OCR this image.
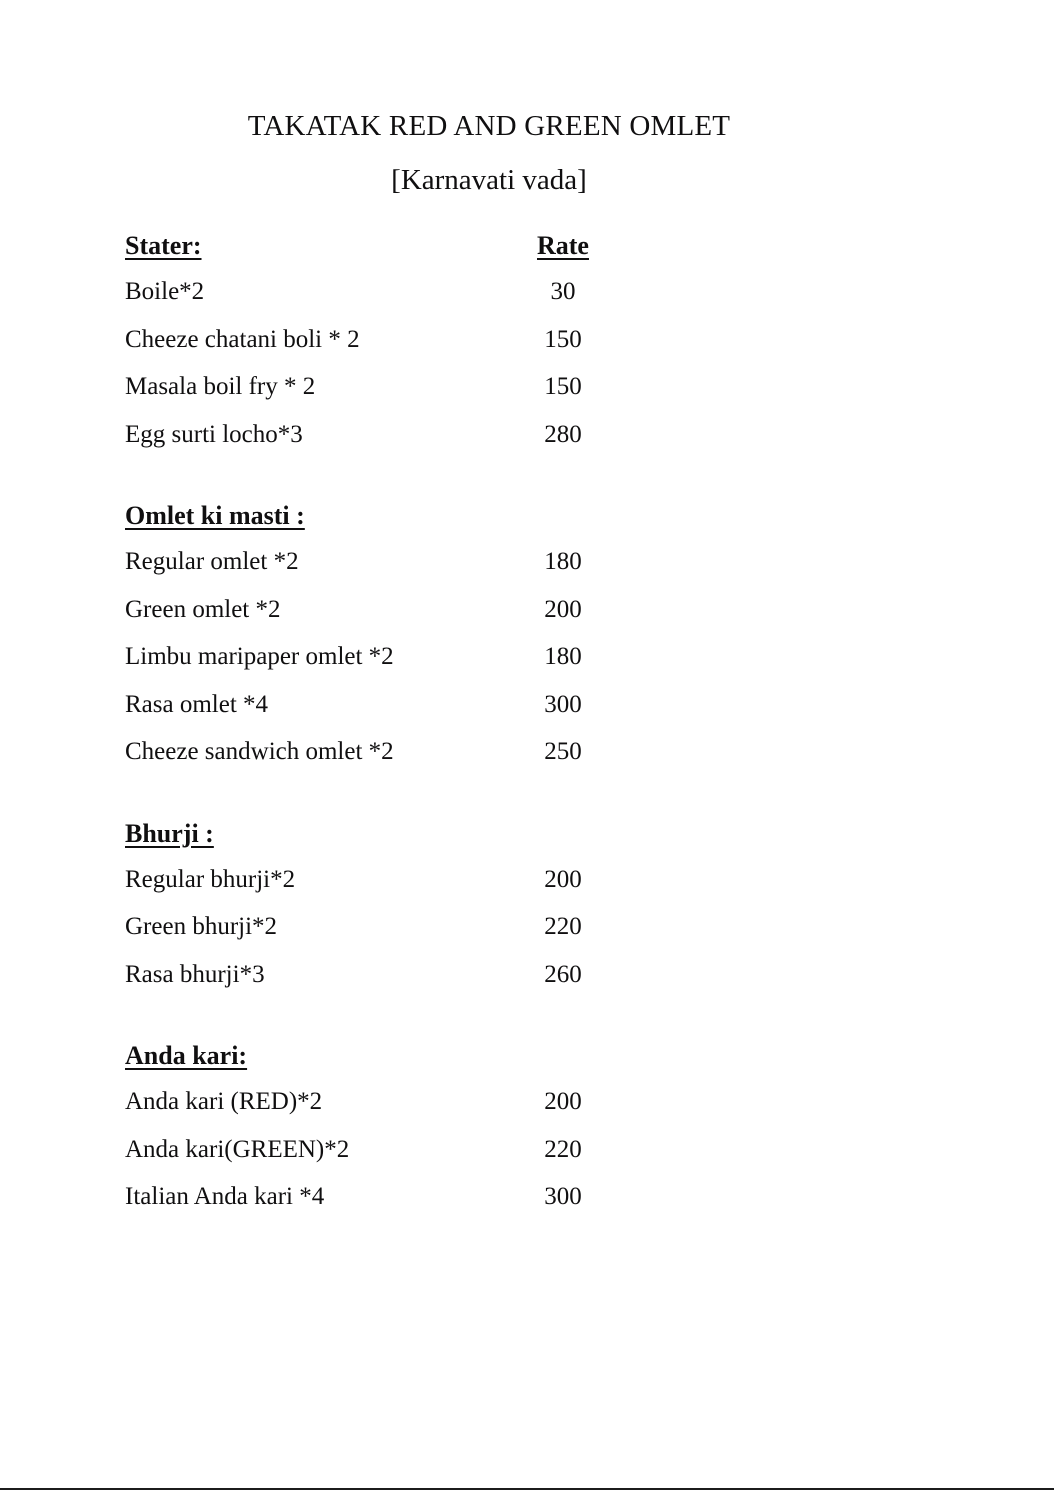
TAKATAK RED AND GREEN OMLET
[Karnavati vada]
Stater:	Rate
Boile*2	30
Cheeze chatani boli * 2	150
Masala boil fry * 2	150
Egg surti locho*3	280
Omlet ki masti :
Regular omlet *2	180
Green omlet *2	200
Limbu maripaper omlet *2	180
Rasa omlet *4	300
Cheeze sandwich omlet *2	250
Bhurji :
Regular bhurji*2	200
Green bhurji*2	220
Rasa bhurji*3	260
Anda kari:
Anda kari (RED)*2	200
Anda kari(GREEN)*2	220
Italian Anda kari *4	300
